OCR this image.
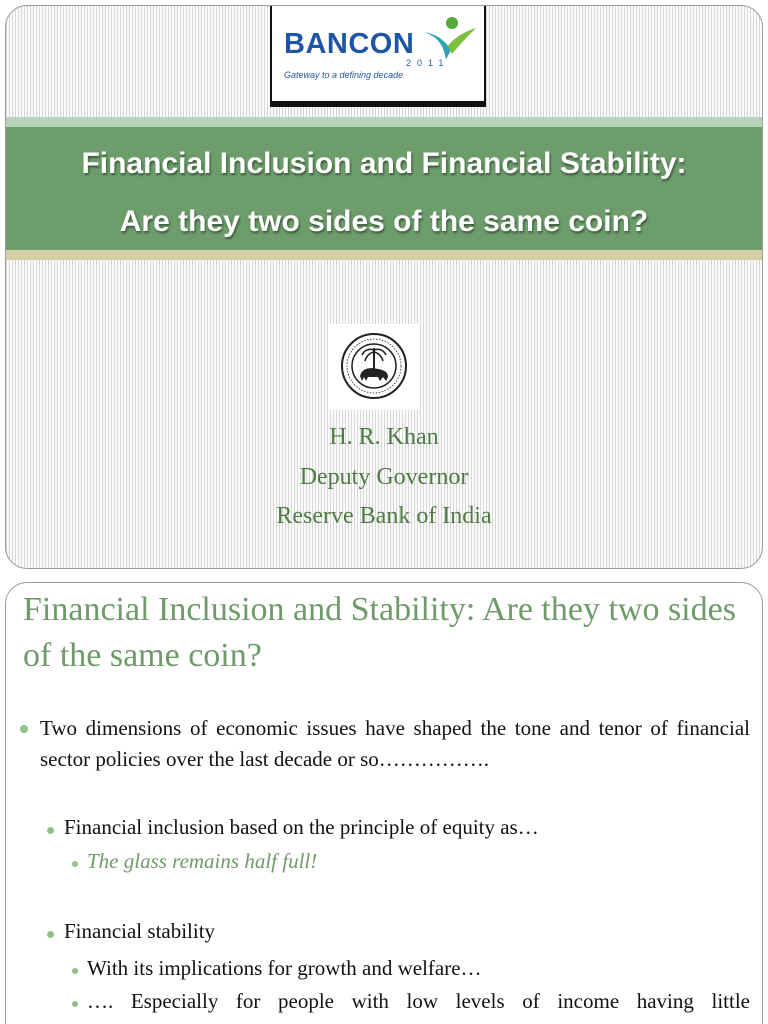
BANCON
2011
Gateway to a defining decade
Financial Inclusion and Financial Stability:
Are they two sides of the same coin?
H. R. Khan
Deputy Governor
Reserve Bank of India
Financial Inclusion and Stability: Are they two sides of the same coin?
Two dimensions of economic issues have shaped the tone and tenor of financial sector policies over the last decade or so…………….
Financial inclusion based on the principle of equity as…
The glass remains half full!
Financial stability
With its implications for growth and welfare…
…. Especially for people with low levels of income having little
